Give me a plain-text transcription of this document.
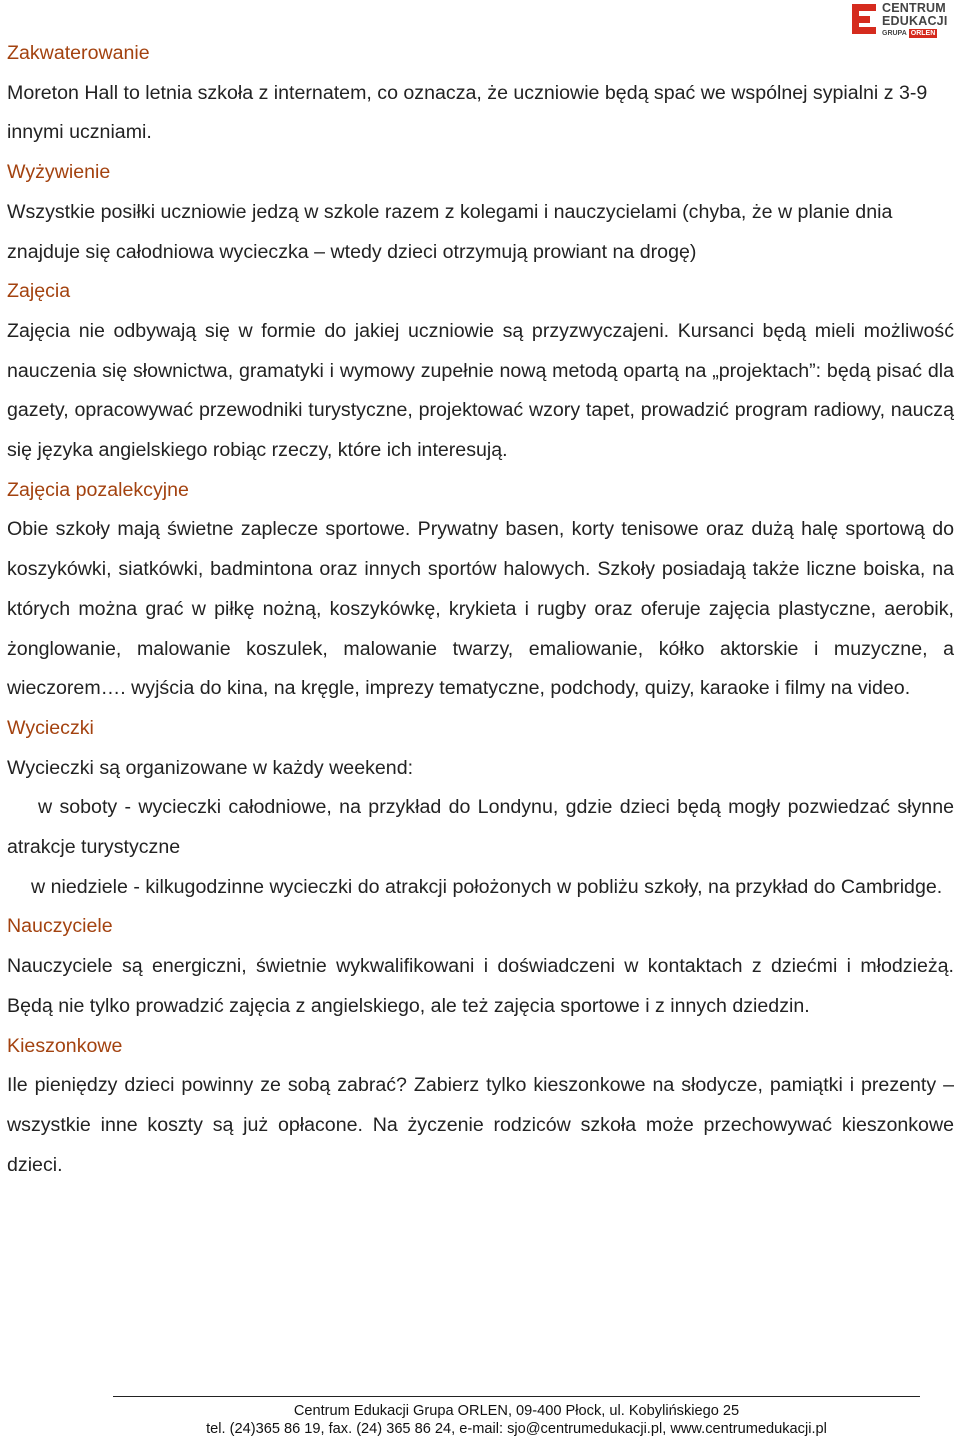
CENTRUM
EDUKACJI
GRUPA ORLEN

Zakwaterowanie

Moreton Hall to letnia szkoła z internatem, co oznacza, że uczniowie będą spać we wspólnej sypialni z 3-9 innymi uczniami.

Wyżywienie

Wszystkie posiłki uczniowie jedzą w szkole razem z kolegami i nauczycielami (chyba, że w planie dnia znajduje się całodniowa wycieczka – wtedy dzieci otrzymują prowiant na drogę)

Zajęcia

Zajęcia nie odbywają się w formie do jakiej uczniowie są przyzwyczajeni. Kursanci będą mieli możliwość nauczenia się słownictwa, gramatyki i wymowy zupełnie nową metodą opartą na „projektach”: będą pisać dla gazety, opracowywać przewodniki turystyczne, projektować wzory tapet, prowadzić program radiowy, nauczą się języka angielskiego robiąc rzeczy, które ich interesują.

Zajęcia pozalekcyjne

Obie szkoły mają świetne zaplecze sportowe. Prywatny basen, korty tenisowe oraz dużą halę sportową do koszykówki, siatkówki, badmintona oraz innych sportów halowych. Szkoły posiadają także liczne boiska, na których można grać w piłkę nożną, koszykówkę, krykieta i rugby oraz oferuje zajęcia plastyczne, aerobik, żonglowanie, malowanie koszulek, malowanie twarzy, emaliowanie, kółko aktorskie i muzyczne, a wieczorem…. wyjścia do kina, na kręgle, imprezy tematyczne, podchody, quizy, karaoke i filmy na video.

Wycieczki

Wycieczki są organizowane w każdy weekend:

w soboty - wycieczki całodniowe, na przykład do Londynu, gdzie dzieci będą mogły pozwiedzać słynne atrakcje turystyczne

w niedziele - kilkugodzinne wycieczki do atrakcji położonych w pobliżu szkoły, na przykład do Cambridge.

Nauczyciele

Nauczyciele są energiczni, świetnie wykwalifikowani i doświadczeni w kontaktach z dziećmi i młodzieżą. Będą nie tylko prowadzić zajęcia z angielskiego, ale też zajęcia sportowe i z innych dziedzin.

Kieszonkowe

Ile pieniędzy dzieci powinny ze sobą zabrać? Zabierz tylko kieszonkowe na słodycze, pamiątki i prezenty – wszystkie inne koszty są już opłacone. Na życzenie rodziców szkoła może przechowywać kieszonkowe dzieci.

Centrum Edukacji Grupa ORLEN, 09-400 Płock, ul. Kobylińskiego 25
tel. (24)365 86 19, fax. (24) 365 86 24, e-mail: sjo@centrumedukacji.pl, www.centrumedukacji.pl
